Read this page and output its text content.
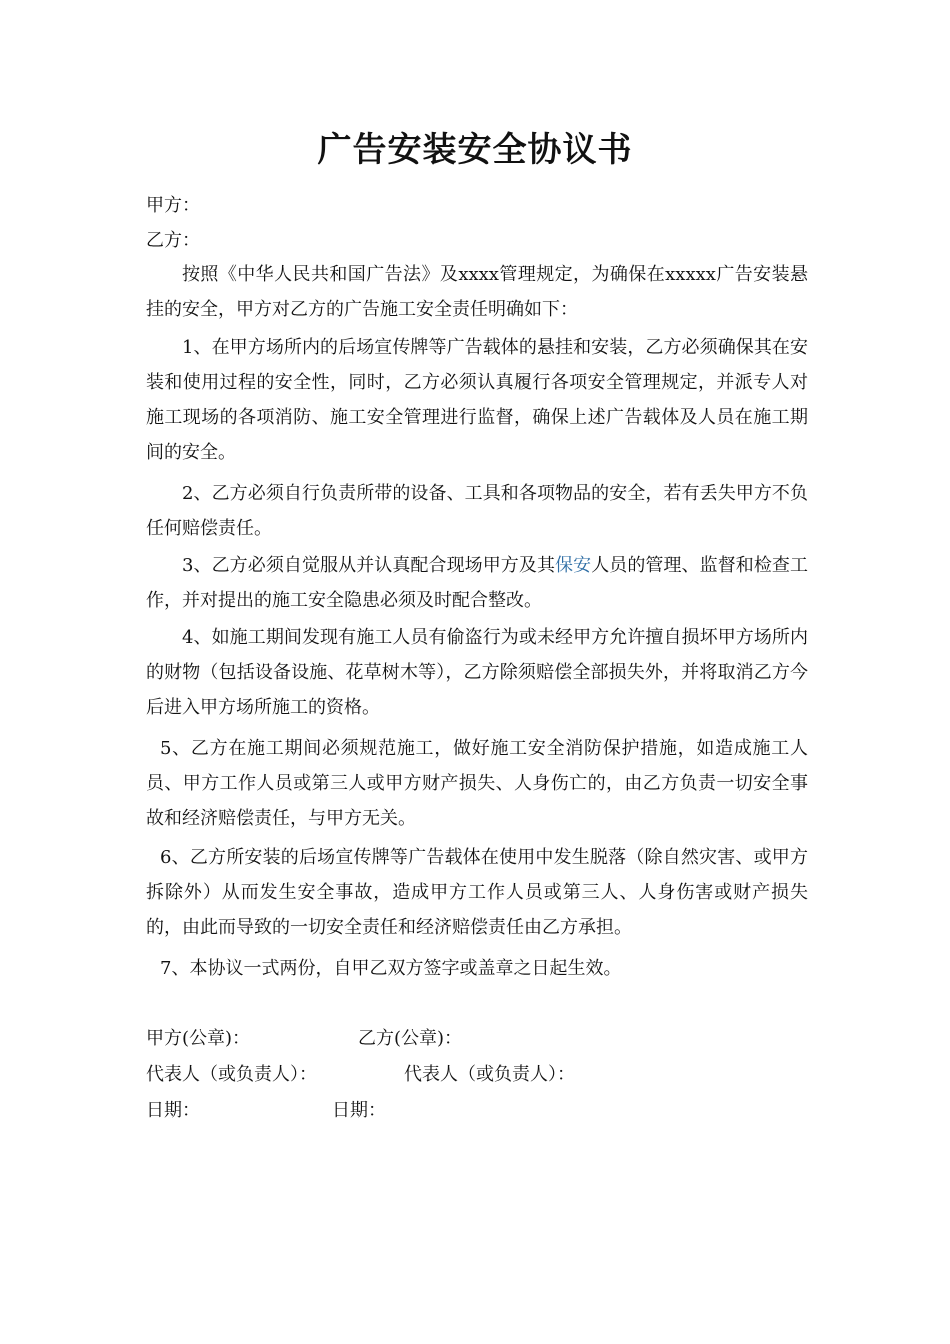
广告安装安全协议书
甲方：
乙方：
按照《中华人民共和国广告法》及xxxx管理规定，为确保在xxxxx广告安装悬挂的安全，甲方对乙方的广告施工安全责任明确如下：
1、在甲方场所内的后场宣传牌等广告载体的悬挂和安装，乙方必须确保其在安装和使用过程的安全性，同时，乙方必须认真履行各项安全管理规定，并派专人对施工现场的各项消防、施工安全管理进行监督，确保上述广告载体及人员在施工期间的安全。
2、乙方必须自行负责所带的设备、工具和各项物品的安全，若有丢失甲方不负任何赔偿责任。
3、乙方必须自觉服从并认真配合现场甲方及其保安人员的管理、监督和检查工作，并对提出的施工安全隐患必须及时配合整改。
4、如施工期间发现有施工人员有偷盗行为或未经甲方允许擅自损坏甲方场所内的财物（包括设备设施、花草树木等），乙方除须赔偿全部损失外，并将取消乙方今后进入甲方场所施工的资格。
5、乙方在施工期间必须规范施工，做好施工安全消防保护措施，如造成施工人员、甲方工作人员或第三人或甲方财产损失、人身伤亡的，由乙方负责一切安全事故和经济赔偿责任，与甲方无关。
6、乙方所安装的后场宣传牌等广告载体在使用中发生脱落（除自然灾害、或甲方拆除外）从而发生安全事故，造成甲方工作人员或第三人、人身伤害或财产损失的，由此而导致的一切安全责任和经济赔偿责任由乙方承担。
7、本协议一式两份，自甲乙双方签字或盖章之日起生效。
甲方(公章)：	乙方(公章)：
代表人（或负责人）：	代表人（或负责人）：
日期：	日期：
